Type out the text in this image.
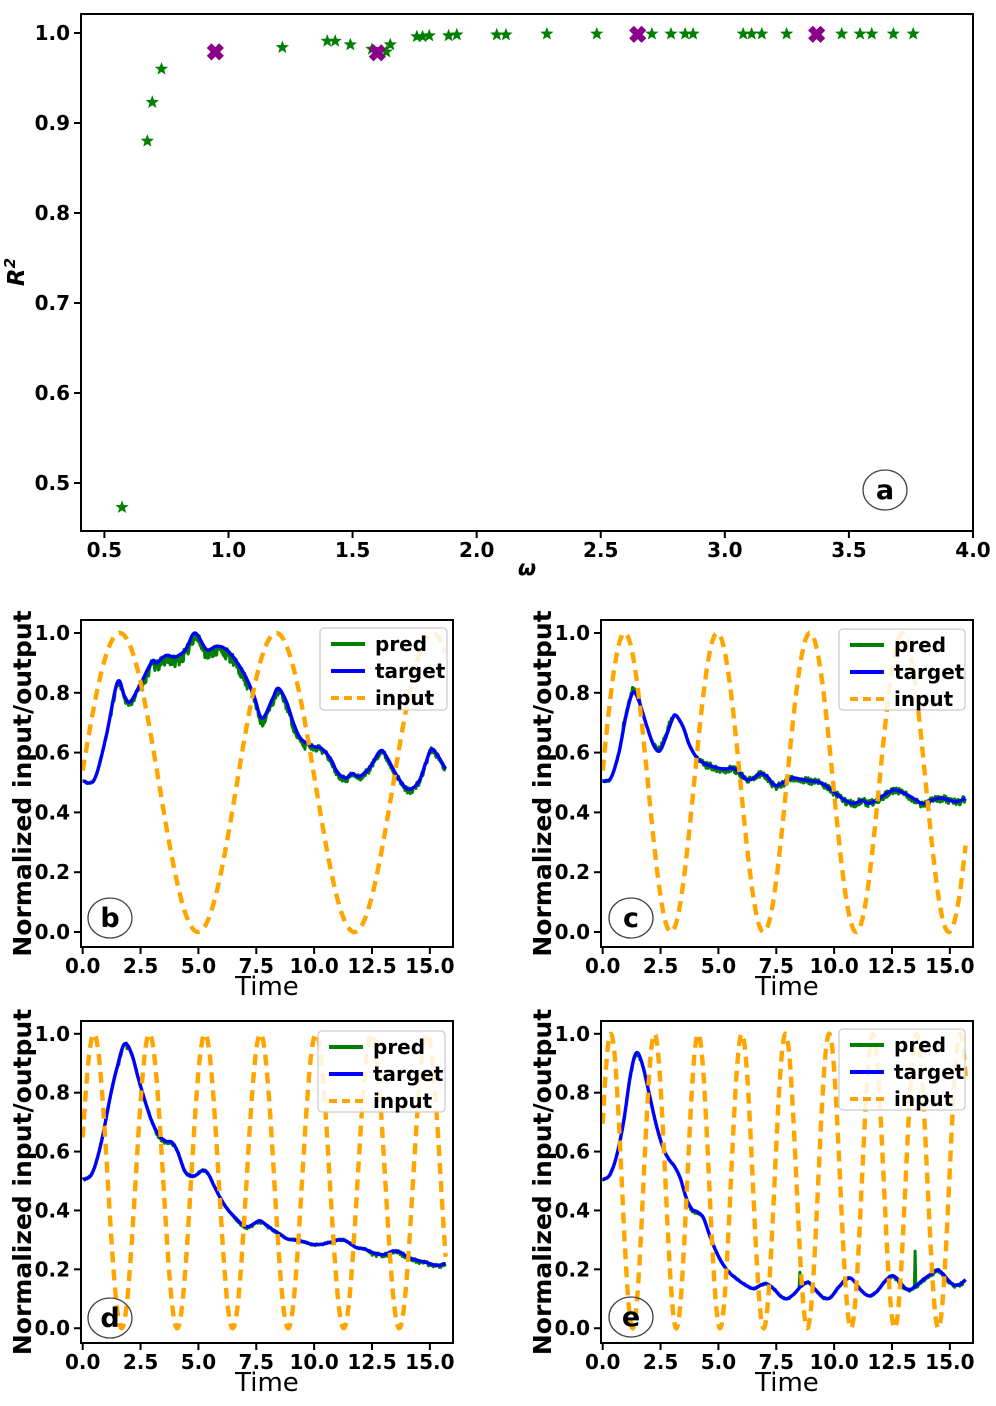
0.5	1.0	1.5	2.0	2.5	3.0	3.5	4.0
0.5
0.6
0.7
0.8
0.9
1.0
ω
$R^2$
a
0.0 2.5 5.0 7.5 10.0 12.5 15.0
0.0
0.2
0.4
0.6
0.8
1.0
Time
Normalized input/output b
pred
target
input
0.0 2.5 5.0 7.5 10.0 12.5 15.0
0.0
0.2
0.4
0.6
0.8
1.0
Time
Normalized input/output c
pred
target
input
0.0 2.5 5.0 7.5 10.0 12.5 15.0
0.0
0.2
0.4
0.6
0.8
1.0
Time
Normalized input/output d
pred
target
input
0.0 2.5 5.0 7.5 10.0 12.5 15.0
0.0
0.2
0.4
0.6
0.8
1.0
Time
Normalized input/output e
pred
target
input
